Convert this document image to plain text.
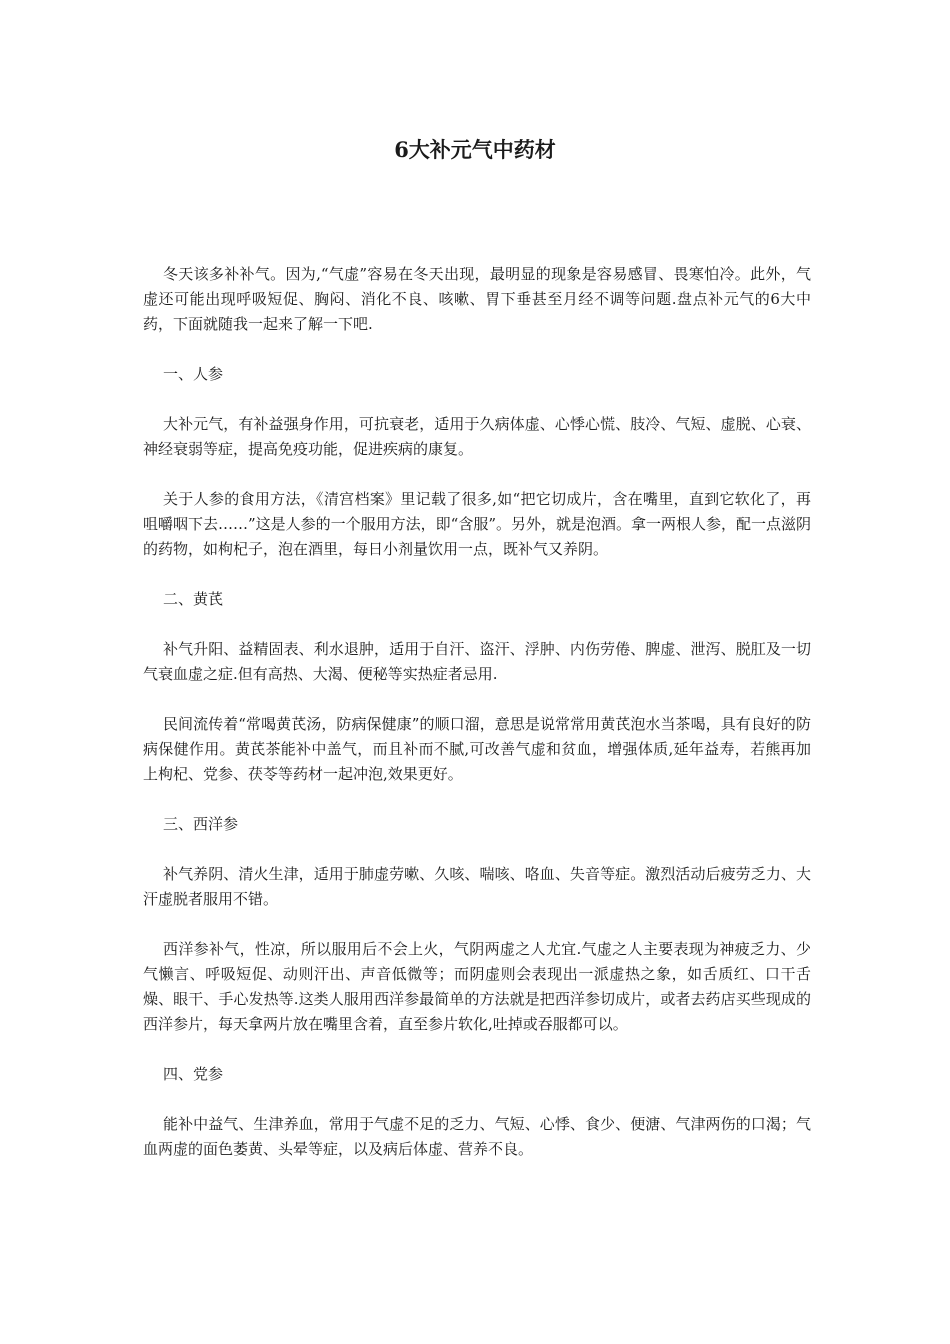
6大补元气中药材

冬天该多补补气。因为,“气虚”容易在冬天出现，最明显的现象是容易感冒、畏寒怕冷。此外，气虚还可能出现呼吸短促、胸闷、消化不良、咳嗽、胃下垂甚至月经不调等问题.盘点补元气的6大中药，下面就随我一起来了解一下吧.

一、人参

大补元气，有补益强身作用，可抗衰老，适用于久病体虚、心悸心慌、肢冷、气短、虚脱、心衰、神经衰弱等症，提高免疫功能，促进疾病的康复。

关于人参的食用方法，《清宫档案》里记载了很多,如“把它切成片，含在嘴里，直到它软化了，再咀嚼咽下去……”这是人参的一个服用方法，即“含服”。另外，就是泡酒。拿一两根人参，配一点滋阴的药物，如枸杞子，泡在酒里，每日小剂量饮用一点，既补气又养阴。

二、黄芪

补气升阳、益精固表、利水退肿，适用于自汗、盗汗、浮肿、内伤劳倦、脾虚、泄泻、脱肛及一切气衰血虚之症.但有高热、大渴、便秘等实热症者忌用.

民间流传着“常喝黄芪汤，防病保健康”的顺口溜，意思是说常常用黄芪泡水当茶喝，具有良好的防病保健作用。黄芪茶能补中盖气，而且补而不腻,可改善气虚和贫血，增强体质,延年益寿，若熊再加上枸杞、党参、茯苓等药材一起冲泡,效果更好。

三、西洋参

补气养阴、清火生津，适用于肺虚劳嗽、久咳、喘咳、咯血、失音等症。激烈活动后疲劳乏力、大汗虚脱者服用不错。

西洋参补气，性凉，所以服用后不会上火，气阴两虚之人尤宜.气虚之人主要表现为神疲乏力、少气懒言、呼吸短促、动则汗出、声音低微等；而阴虚则会表现出一派虚热之象，如舌质红、口干舌燥、眼干、手心发热等.这类人服用西洋参最简单的方法就是把西洋参切成片，或者去药店买些现成的西洋参片，每天拿两片放在嘴里含着，直至参片软化,吐掉或吞服都可以。

四、党参

能补中益气、生津养血，常用于气虚不足的乏力、气短、心悸、食少、便溏、气津两伤的口渴；气血两虚的面色萎黄、头晕等症，以及病后体虚、营养不良。
